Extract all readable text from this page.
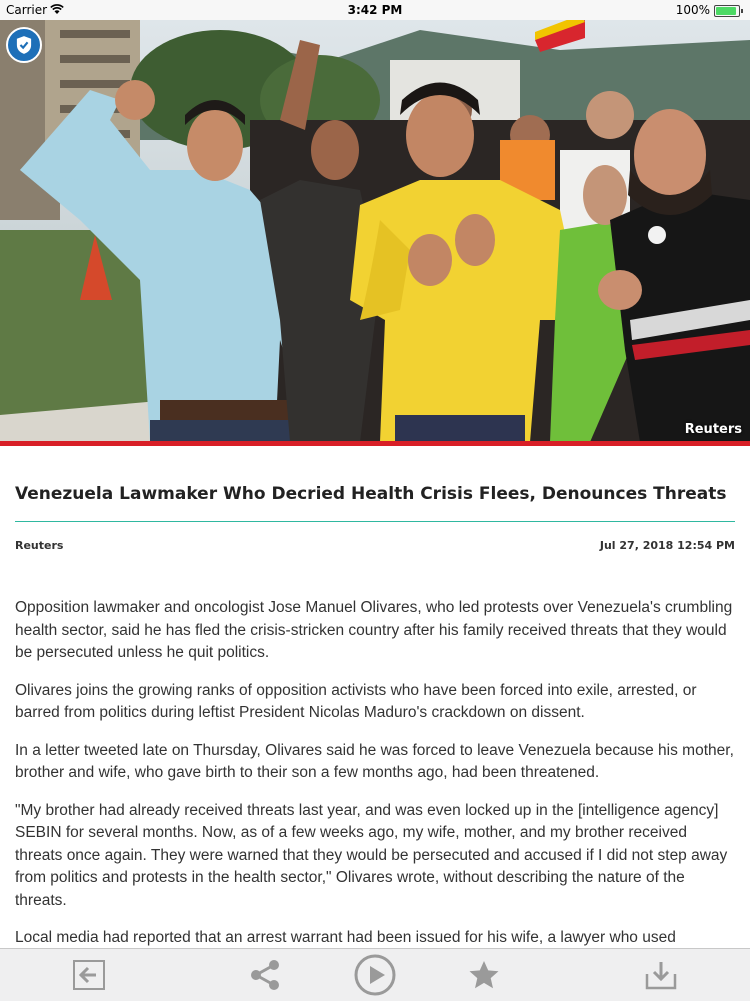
Carrier	3:42 PM	100%
Reuters
Venezuela Lawmaker Who Decried Health Crisis Flees, Denounces Threats
Reuters	Jul 27, 2018 12:54 PM

Opposition lawmaker and oncologist Jose Manuel Olivares, who led protests over Venezuela's crumbling health sector, said he has fled the crisis-stricken country after his family received threats that they would be persecuted unless he quit politics.

Olivares joins the growing ranks of opposition activists who have been forced into exile, arrested, or barred from politics during leftist President Nicolas Maduro's crackdown on dissent.

In a letter tweeted late on Thursday, Olivares said he was forced to leave Venezuela because his mother, brother and wife, who gave birth to their son a few months ago, had been threatened.

"My brother had already received threats last year, and was even locked up in the [intelligence agency] SEBIN for several months. Now, as of a few weeks ago, my wife, mother, and my brother received threats once again. They were warned that they would be persecuted and accused if I did not step away from politics and protests in the health sector," Olivares wrote, without describing the nature of the threats.

Local media had reported that an arrest warrant had been issued for his wife, a lawyer who used
